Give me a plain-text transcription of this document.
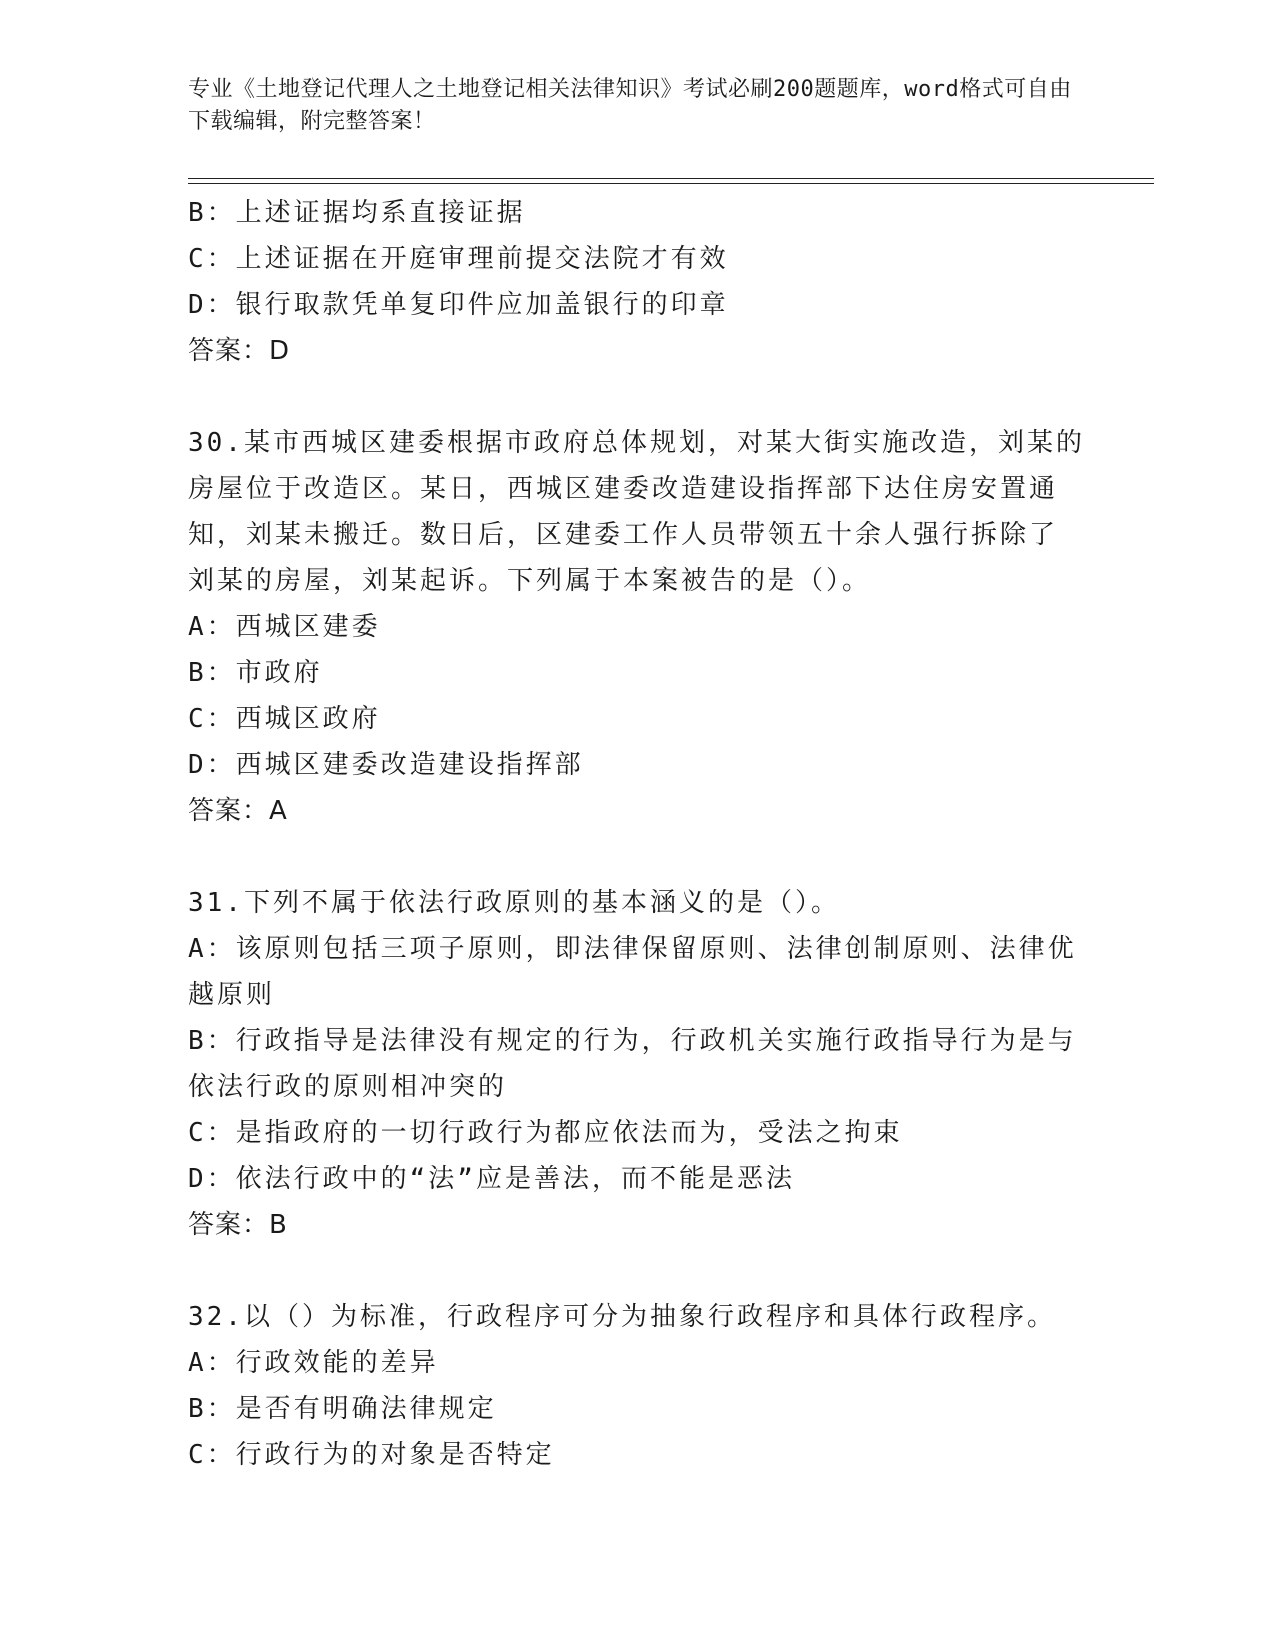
专业《土地登记代理人之土地登记相关法律知识》考试必刷200题题库，word格式可自由下载编辑，附完整答案！
B：上述证据均系直接证据
C：上述证据在开庭审理前提交法院才有效
D：银行取款凭单复印件应加盖银行的印章
答案：D
30.某市西城区建委根据市政府总体规划，对某大街实施改造，刘某的
房屋位于改造区。某日，西城区建委改造建设指挥部下达住房安置通
知，刘某未搬迁。数日后，区建委工作人员带领五十余人强行拆除了
刘某的房屋，刘某起诉。下列属于本案被告的是（）。
A：西城区建委
B：市政府
C：西城区政府
D：西城区建委改造建设指挥部
答案：A
31.下列不属于依法行政原则的基本涵义的是（）。
A：该原则包括三项子原则，即法律保留原则、法律创制原则、法律优
越原则
B：行政指导是法律没有规定的行为，行政机关实施行政指导行为是与
依法行政的原则相冲突的
C：是指政府的一切行政行为都应依法而为，受法之拘束
D：依法行政中的“法”应是善法，而不能是恶法
答案：B
32.以（）为标准，行政程序可分为抽象行政程序和具体行政程序。
A：行政效能的差异
B：是否有明确法律规定
C：行政行为的对象是否特定
